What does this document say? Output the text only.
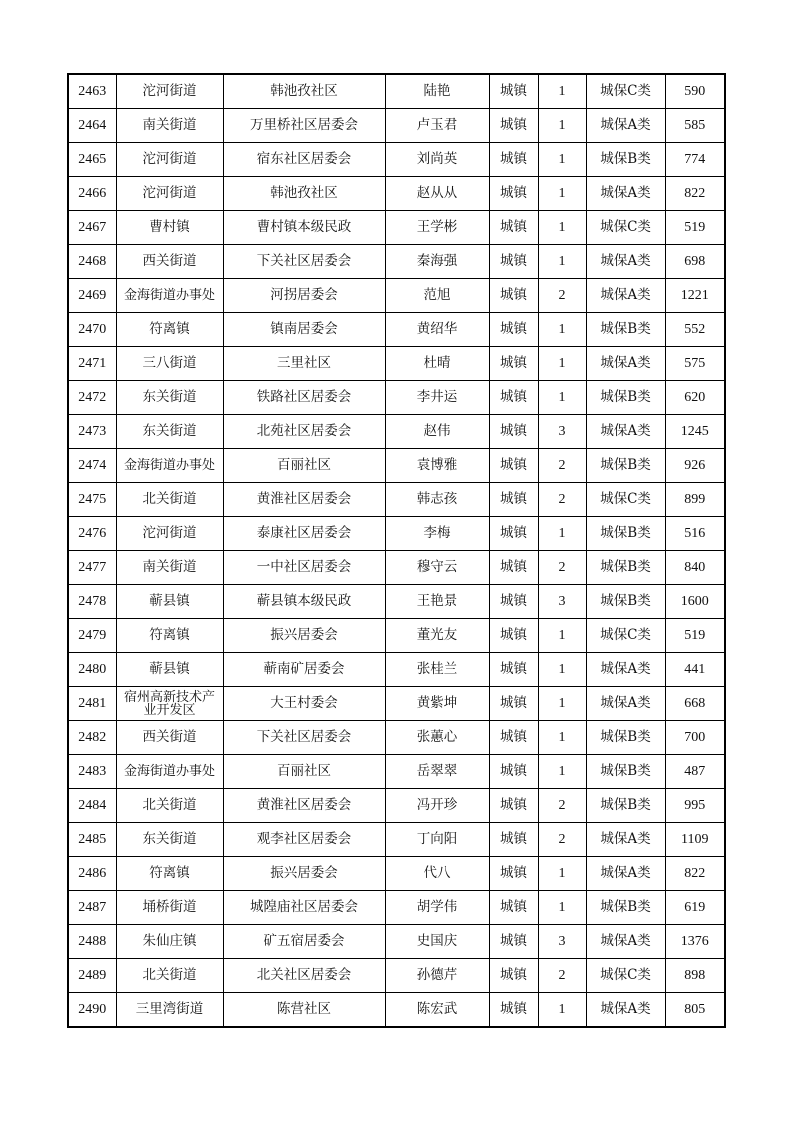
2463	沱河街道	韩池孜社区	陆艳	城镇	1	城保C类	590
2464	南关街道	万里桥社区居委会	卢玉君	城镇	1	城保A类	585
2465	沱河街道	宿东社区居委会	刘尚英	城镇	1	城保B类	774
2466	沱河街道	韩池孜社区	赵从从	城镇	1	城保A类	822
2467	曹村镇	曹村镇本级民政	王学彬	城镇	1	城保C类	519
2468	西关街道	下关社区居委会	秦海强	城镇	1	城保A类	698
2469	金海街道办事处	河拐居委会	范旭	城镇	2	城保A类	1221
2470	符离镇	镇南居委会	黄绍华	城镇	1	城保B类	552
2471	三八街道	三里社区	杜晴	城镇	1	城保A类	575
2472	东关街道	铁路社区居委会	李井运	城镇	1	城保B类	620
2473	东关街道	北苑社区居委会	赵伟	城镇	3	城保A类	1245
2474	金海街道办事处	百丽社区	袁博雅	城镇	2	城保B类	926
2475	北关街道	黄淮社区居委会	韩志孩	城镇	2	城保C类	899
2476	沱河街道	泰康社区居委会	李梅	城镇	1	城保B类	516
2477	南关街道	一中社区居委会	穆守云	城镇	2	城保B类	840
2478	蕲县镇	蕲县镇本级民政	王艳景	城镇	3	城保B类	1600
2479	符离镇	振兴居委会	董光友	城镇	1	城保C类	519
2480	蕲县镇	蕲南矿居委会	张桂兰	城镇	1	城保A类	441
2481	宿州高新技术产业开发区	大王村委会	黄紫坤	城镇	1	城保A类	668
2482	西关街道	下关社区居委会	张蕙心	城镇	1	城保B类	700
2483	金海街道办事处	百丽社区	岳翠翠	城镇	1	城保B类	487
2484	北关街道	黄淮社区居委会	冯开珍	城镇	2	城保B类	995
2485	东关街道	观李社区居委会	丁向阳	城镇	2	城保A类	1109
2486	符离镇	振兴居委会	代八	城镇	1	城保A类	822
2487	埇桥街道	城隍庙社区居委会	胡学伟	城镇	1	城保B类	619
2488	朱仙庄镇	矿五宿居委会	史国庆	城镇	3	城保A类	1376
2489	北关街道	北关社区居委会	孙德芹	城镇	2	城保C类	898
2490	三里湾街道	陈营社区	陈宏武	城镇	1	城保A类	805
